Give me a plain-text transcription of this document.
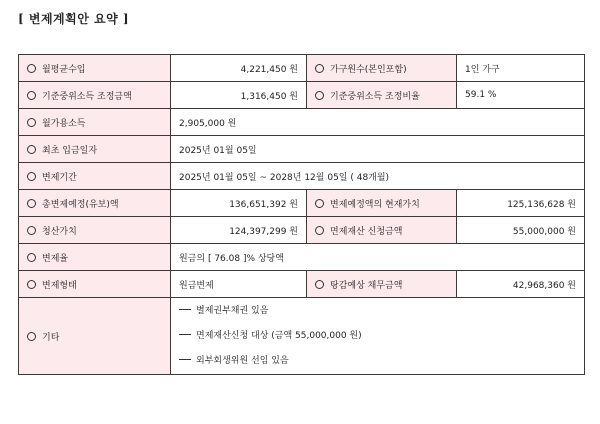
[ 변제계획안 요약 ]
월평균수입	4,221,450 원	가구원수(본인포함)	1인 가구
기준중위소득 조정금액	1,316,450 원	기준중위소득 조정비율	59.1 %
월가용소득	2,905,000 원		
최초 입금일자	2025년 01월 05일		
변제기간	2025년 01월 05일 ~ 2028년 12월 05일 ( 48개월)		
총변제예정(유보)액	136,651,392 원	변제예정액의 현재가치	125,136,628 원
청산가치	124,397,299 원	면제재산 신청금액	55,000,000 원
변제율	원금의 [ 76.08 ]% 상당액		
변제형태	원금변제	탕감예상 채무금액	42,968,360 원
기타	별제권부채권 있음
면제재산신청 대상 (금액 55,000,000 원)
외부회생위원 선임 있음		
